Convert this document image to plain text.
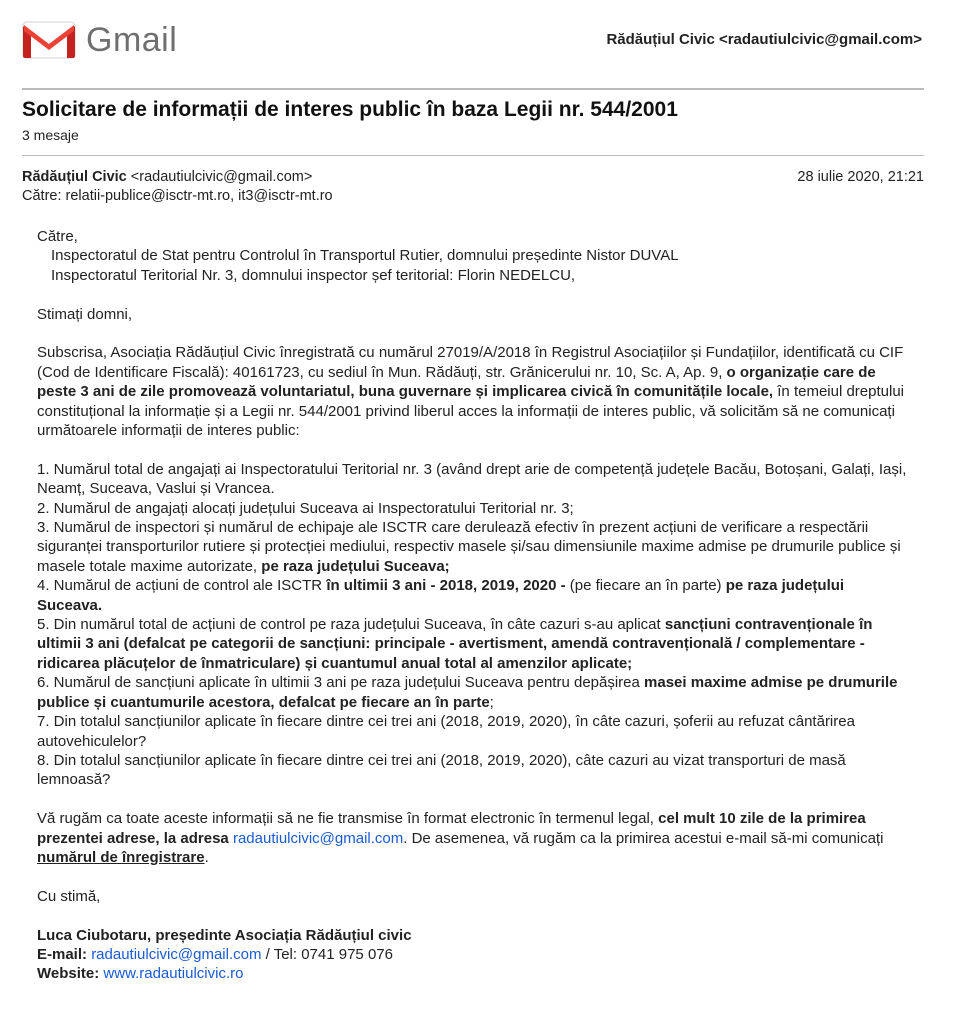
Gmail	Rădăuțiul Civic <radautiulcivic@gmail.com>
Solicitare de informații de interes public în baza Legii nr. 544/2001
3 mesaje
Rădăuțiul Civic <radautiulcivic@gmail.com>	28 iulie 2020, 21:21
Către: relatii-publice@isctr-mt.ro, it3@isctr-mt.ro

Către,

Inspectoratul de Stat pentru Controlul în Transportul Rutier, domnului președinte Nistor DUVAL

Inspectoratul Teritorial Nr. 3, domnului inspector șef teritorial: Florin NEDELCU,

Stimați domni,

Subscrisa, Asociația Rădăuțiul Civic înregistrată cu numărul 27019/A/2018 în Registrul Asociațiilor și Fundațiilor, identificată cu CIF (Cod de Identificare Fiscală): 40161723, cu sediul în Mun. Rădăuți, str. Grănicerului nr. 10, Sc. A, Ap. 9, o organizație care de peste 3 ani de zile promovează voluntariatul, buna guvernare și implicarea civică în comunitățile locale, în temeiul dreptului constituțional la informație și a Legii nr. 544/2001 privind liberul acces la informații de interes public, vă solicităm să ne comunicați următoarele informații de interes public:

1. Numărul total de angajați ai Inspectoratului Teritorial nr. 3 (având drept arie de competență județele Bacău, Botoșani, Galați, Iași, Neamț, Suceava, Vaslui și Vrancea.

2. Numărul de angajați alocați județului Suceava ai Inspectoratului Teritorial nr. 3;

3. Numărul de inspectori și numărul de echipaje ale ISCTR care derulează efectiv în prezent acțiuni de verificare a respectării siguranței transporturilor rutiere și protecției mediului, respectiv masele și/sau dimensiunile maxime admise pe drumurile publice și masele totale maxime autorizate, pe raza județului Suceava;

4. Numărul de acțiuni de control ale ISCTR în ultimii 3 ani - 2018, 2019, 2020 - (pe fiecare an în parte) pe raza județului Suceava.

5. Din numărul total de acțiuni de control pe raza județului Suceava, în câte cazuri s-au aplicat sancțiuni contravenționale în ultimii 3 ani (defalcat pe categorii de sancțiuni: principale - avertisment, amendă contravențională / complementare - ridicarea plăcuțelor de înmatriculare) și cuantumul anual total al amenzilor aplicate;

6. Numărul de sancțiuni aplicate în ultimii 3 ani pe raza județului Suceava pentru depășirea masei maxime admise pe drumurile publice și cuantumurile acestora, defalcat pe fiecare an în parte;

7. Din totalul sancțiunilor aplicate în fiecare dintre cei trei ani (2018, 2019, 2020), în câte cazuri, șoferii au refuzat cântărirea autovehiculelor?

8. Din totalul sancțiunilor aplicate în fiecare dintre cei trei ani (2018, 2019, 2020), câte cazuri au vizat transporturi de masă lemnoasă?

Vă rugăm ca toate aceste informații să ne fie transmise în format electronic în termenul legal, cel mult 10 zile de la primirea prezentei adrese, la adresa radautiulcivic@gmail.com. De asemenea, vă rugăm ca la primirea acestui e-mail să-mi comunicați numărul de înregistrare.

Cu stimă,

Luca Ciubotaru, președinte Asociația Rădăuțiul civic

E-mail: radautiulcivic@gmail.com / Tel: 0741 975 076

Website: www.radautiulcivic.ro
